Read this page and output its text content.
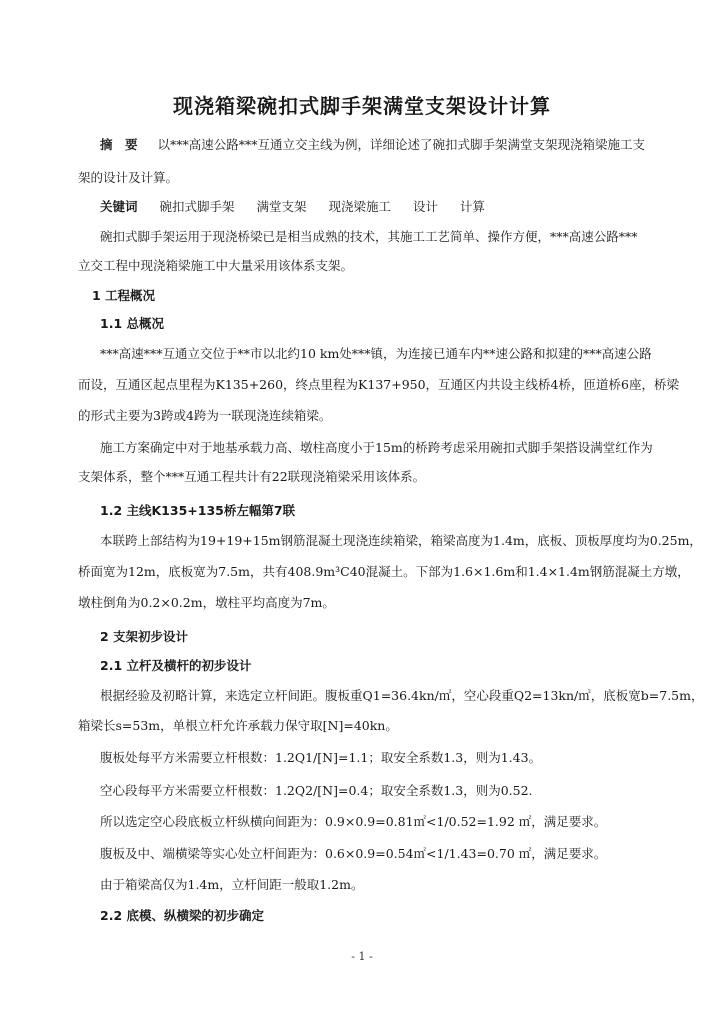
现浇箱梁碗扣式脚手架满堂支架设计计算
摘　要 以***高速公路***互通立交主线为例，详细论述了碗扣式脚手架满堂支架现浇箱梁施工支
架的设计及计算。
关键词 碗扣式脚手架 满堂支架 现浇梁施工 设计 计算
碗扣式脚手架运用于现浇桥梁已是相当成熟的技术，其施工工艺简单、操作方便，***高速公路***
立交工程中现浇箱梁施工中大量采用该体系支架。
1 工程概况
1.1 总概况
***高速***互通立交位于**市以北约10 km处***镇，为连接已通车内**速公路和拟建的***高速公路
而设，互通区起点里程为K135+260，终点里程为K137+950，互通区内共设主线桥4桥，匝道桥6座，桥梁
的形式主要为3跨或4跨为一联现浇连续箱梁。
施工方案确定中对于地基承载力高、墩柱高度小于15m的桥跨考虑采用碗扣式脚手架搭设满堂红作为
支架体系，整个***互通工程共计有22联现浇箱梁采用该体系。
1.2 主线K135+135桥左幅第7联
本联跨上部结构为19+19+15m钢筋混凝土现浇连续箱梁，箱梁高度为1.4m，底板、顶板厚度均为0.25m，
桥面宽为12m，底板宽为7.5m，共有408.9m³C40混凝土。下部为1.6×1.6m和1.4×1.4m钢筋混凝土方墩，
墩柱倒角为0.2×0.2m，墩柱平均高度为7m。
2 支架初步设计
2.1 立杆及横杆的初步设计
根据经验及初略计算，来选定立杆间距。腹板重Q1=36.4kn/㎡，空心段重Q2=13kn/㎡，底板宽b=7.5m，
箱梁长s=53m，单根立杆允许承载力保守取[N]=40kn。
腹板处每平方米需要立杆根数：1.2Q1/[N]=1.1；取安全系数1.3，则为1.43。
空心段每平方米需要立杆根数：1.2Q2/[N]=0.4；取安全系数1.3，则为0.52.
所以选定空心段底板立杆纵横向间距为：0.9×0.9=0.81㎡<1/0.52=1.92 ㎡，满足要求。
腹板及中、端横梁等实心处立杆间距为：0.6×0.9=0.54㎡<1/1.43=0.70 ㎡，满足要求。
由于箱梁高仅为1.4m，立杆间距一般取1.2m。
2.2 底模、纵横梁的初步确定
- 1 -
